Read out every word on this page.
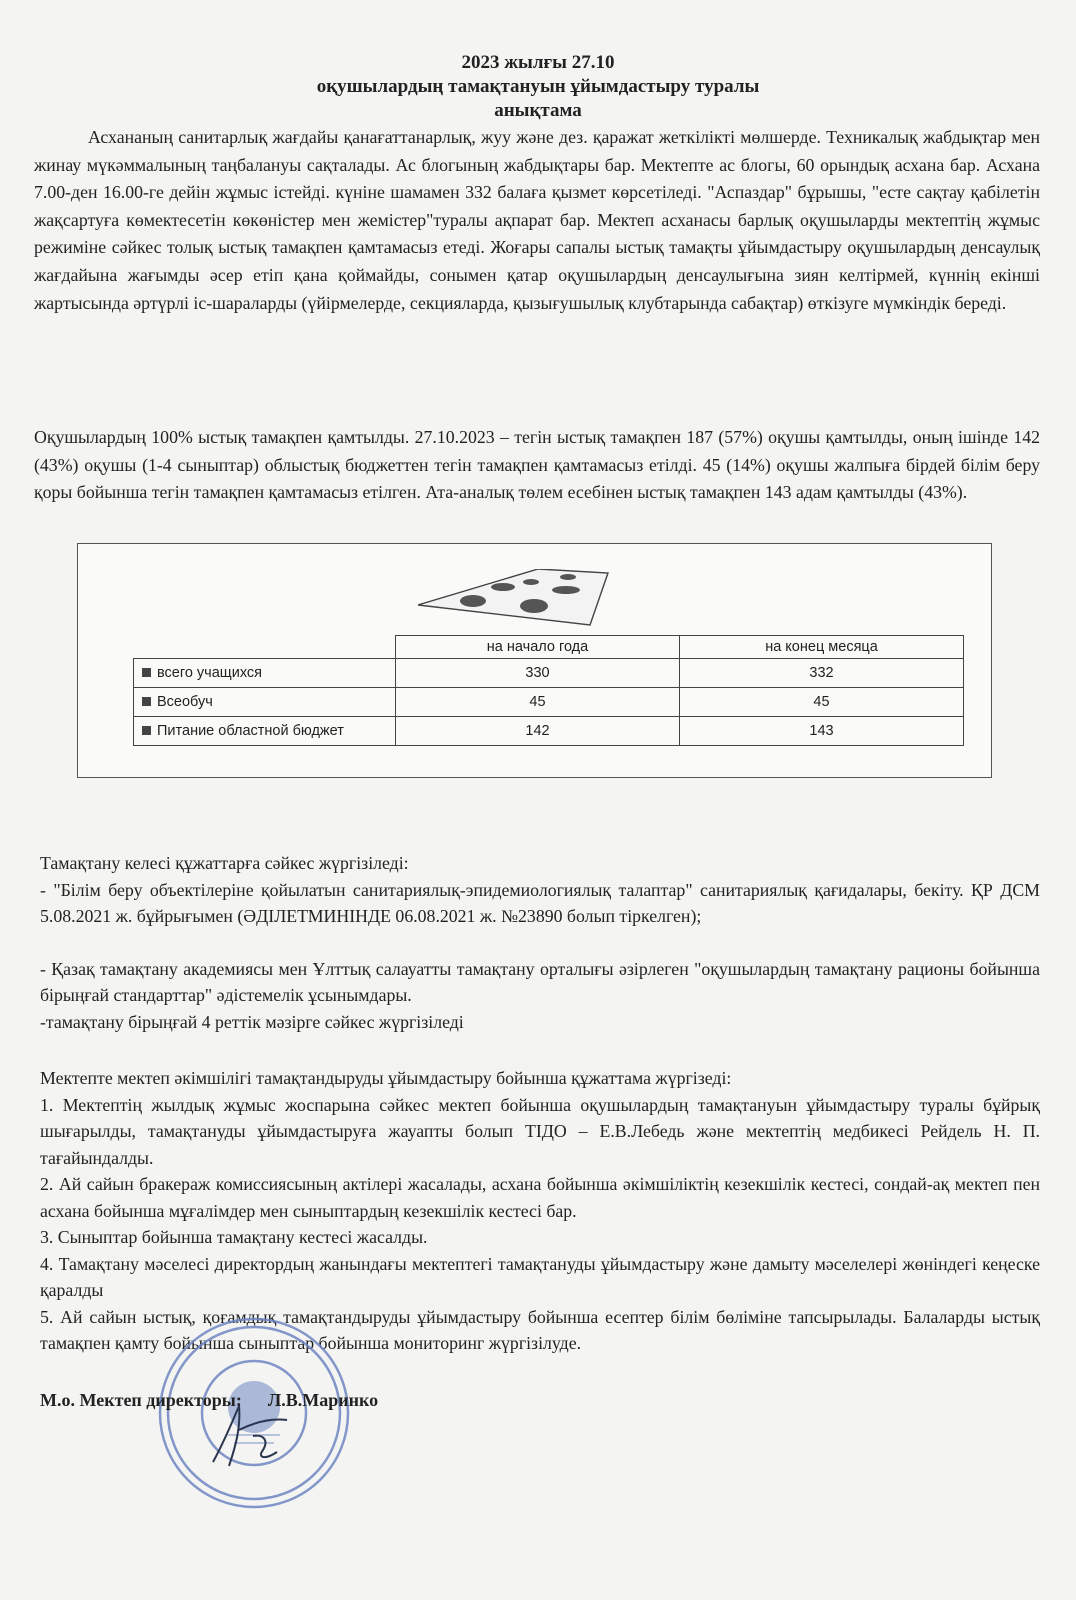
2023 жылғы 27.10
оқушылардың тамақтануын ұйымдастыру туралы
анықтама
Асхананың санитарлық жағдайы қанағаттанарлық, жуу және дез. қаражат жеткілікті мөлшерде. Техникалық жабдықтар мен жинау мүкәммалының таңбалануы сақталады. Ас блогының жабдықтары бар. Мектепте ас блогы, 60 орындық асхана бар. Асхана 7.00-ден 16.00-ге дейін жұмыс істейді. күніне шамамен 332 балаға қызмет көрсетіледі. "Аспаздар" бұрышы, "есте сақтау қабілетін жақсартуға көмектесетін көкөністер мен жемістер"туралы ақпарат бар. Мектеп асханасы барлық оқушыларды мектептің жұмыс режиміне сәйкес толық ыстық тамақпен қамтамасыз етеді. Жоғары сапалы ыстық тамақты ұйымдастыру оқушылардың денсаулық жағдайына жағымды әсер етіп қана қоймайды, сонымен қатар оқушылардың денсаулығына зиян келтірмей, күннің екінші жартысында әртүрлі іс-шараларды (үйірмелерде, секцияларда, қызығушылық клубтарында сабақтар) өткізуге мүмкіндік береді.
Оқушылардың 100% ыстық тамақпен қамтылды. 27.10.2023 – тегін ыстық тамақпен 187 (57%) оқушы қамтылды, оның ішінде 142 (43%) оқушы (1-4 сыныптар) облыстық бюджеттен тегін тамақпен қамтамасыз етілді. 45 (14%) оқушы жалпыға бірдей білім беру қоры бойынша тегін тамақпен қамтамасыз етілген. Ата-аналық төлем есебінен ыстық тамақпен 143 адам қамтылды (43%).
	на начало года	на конец месяца
всего учащихся	330	332
Всеобуч	45	45
Питание областной бюджет	142	143
Тамақтану келесі құжаттарға сәйкес жүргізіледі:
- "Білім беру объектілеріне қойылатын санитариялық-эпидемиологиялық талаптар" санитариялық қағидалары, бекіту. ҚР ДСМ 5.08.2021 ж. бұйрығымен (ӘДІЛЕТМИНІНДЕ 06.08.2021 ж. №23890 болып тіркелген);
- Қазақ тамақтану академиясы мен Ұлттық салауатты тамақтану орталығы әзірлеген "оқушылардың тамақтану рационы бойынша бірыңғай стандарттар" әдістемелік ұсынымдары.
-тамақтану бірыңғай 4 реттік мәзірге сәйкес жүргізіледі
Мектепте мектеп әкімшілігі тамақтандыруды ұйымдастыру бойынша құжаттама жүргізеді:
1. Мектептің жылдық жұмыс жоспарына сәйкес мектеп бойынша оқушылардың тамақтануын ұйымдастыру туралы бұйрық шығарылды, тамақтануды ұйымдастыруға жауапты болып ТІДО – Е.В.Лебедь және мектептің медбикесі Рейдель Н. П. тағайындалды.
2. Ай сайын бракераж комиссиясының актілері жасалады, асхана бойынша әкімшіліктің кезекшілік кестесі, сондай-ақ мектеп пен асхана бойынша мұғалімдер мен сыныптардың кезекшілік кестесі бар.
3. Сыныптар бойынша тамақтану кестесі жасалды.
4. Тамақтану мәселесі директордың жанындағы мектептегі тамақтануды ұйымдастыру және дамыту мәселелері жөніндегі кеңеске қаралды
5. Ай сайын ыстық, қоғамдық тамақтандыруды ұйымдастыру бойынша есептер білім бөліміне тапсырылады. Балаларды ыстық тамақпен қамту бойынша сыныптар бойынша мониторинг жүргізілуде.
М.о. Мектеп директоры: Л.В.Маринко
